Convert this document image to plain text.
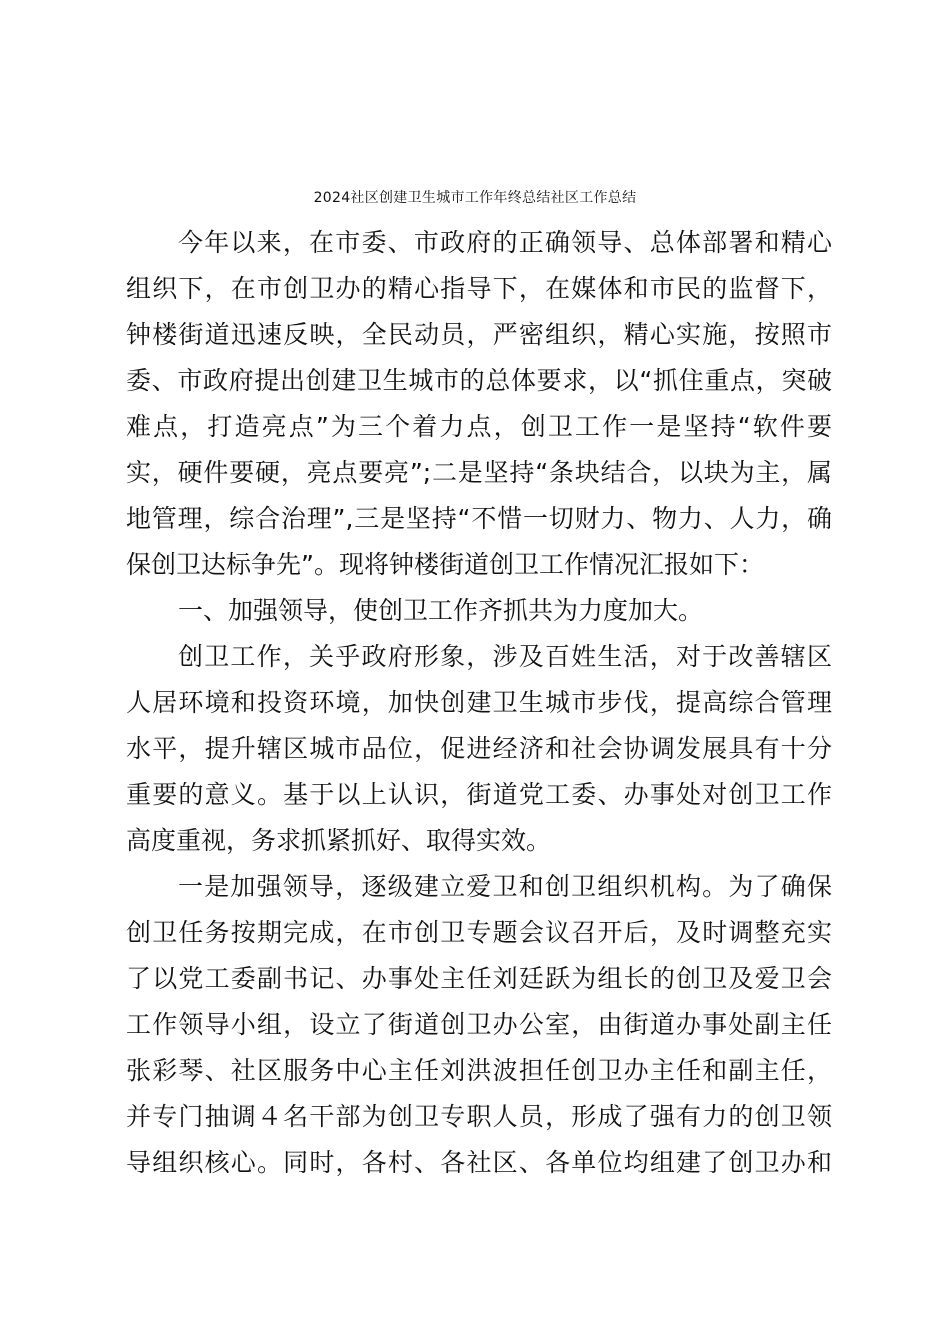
2024社区创建卫生城市工作年终总结社区工作总结
今年以来，在市委、市政府的正确领导、总体部署和精心
组织下，在市创卫办的精心指导下，在媒体和市民的监督下，
钟楼街道迅速反映，全民动员，严密组织，精心实施，按照市
委、市政府提出创建卫生城市的总体要求，以“抓住重点，突破
难点，打造亮点”为三个着力点，创卫工作一是坚持“软件要
实，硬件要硬，亮点要亮”;二是坚持“条块结合，以块为主，属
地管理，综合治理”,三是坚持“不惜一切财力、物力、人力，确
保创卫达标争先”。现将钟楼街道创卫工作情况汇报如下：
一、加强领导，使创卫工作齐抓共为力度加大。
创卫工作，关乎政府形象，涉及百姓生活，对于改善辖区
人居环境和投资环境，加快创建卫生城市步伐，提高综合管理
水平，提升辖区城市品位，促进经济和社会协调发展具有十分
重要的意义。基于以上认识，街道党工委、办事处对创卫工作
高度重视，务求抓紧抓好、取得实效。
一是加强领导，逐级建立爱卫和创卫组织机构。为了确保
创卫任务按期完成，在市创卫专题会议召开后，及时调整充实
了以党工委副书记、办事处主任刘廷跃为组长的创卫及爱卫会
工作领导小组，设立了街道创卫办公室，由街道办事处副主任
张彩琴、社区服务中心主任刘洪波担任创卫办主任和副主任，
并专门抽调４名干部为创卫专职人员，形成了强有力的创卫领
导组织核心。同时，各村、各社区、各单位均组建了创卫办和
